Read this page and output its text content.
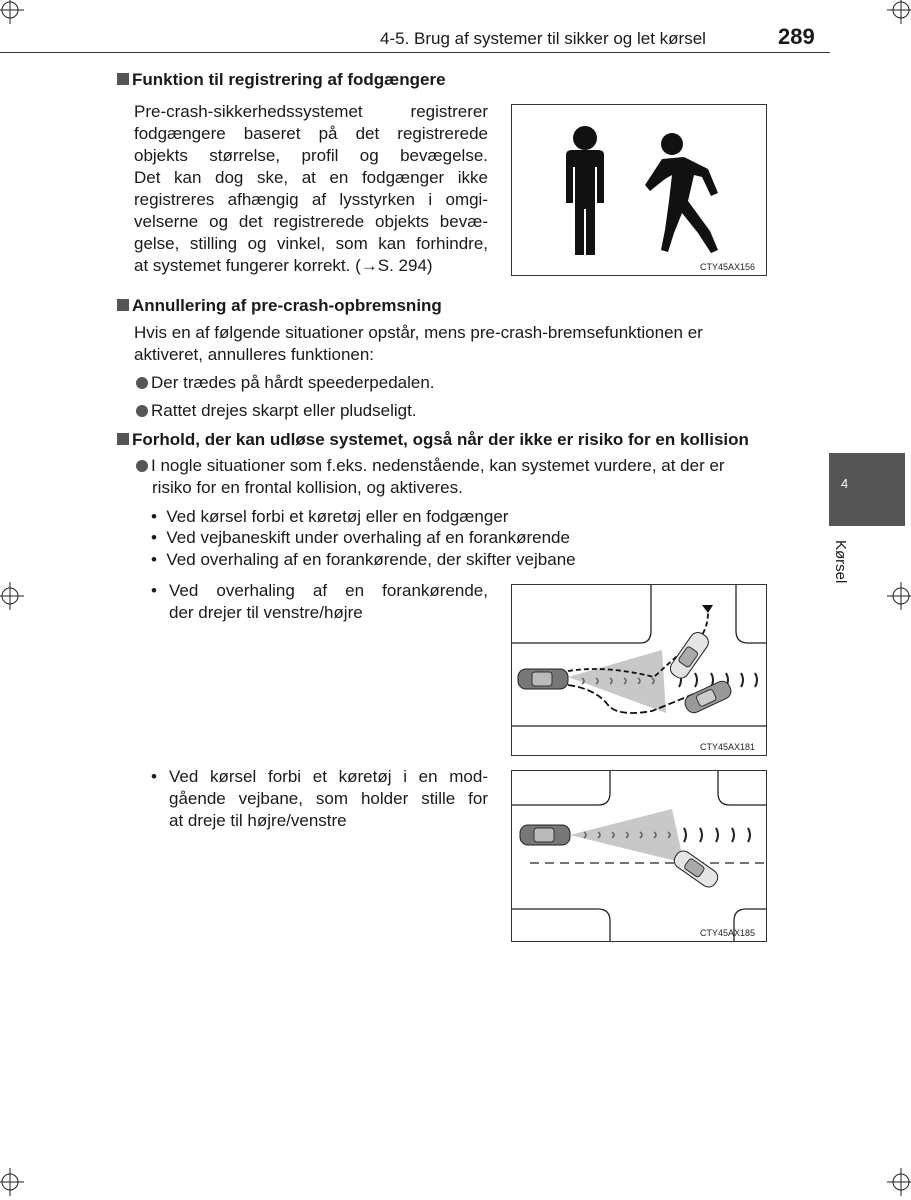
4-5. Brug af systemer til sikker og let kørsel	289
Funktion til registrering af fodgængere
Pre-crash-sikkerhedssystemet registrerer
fodgængere baseret på det registrerede
objekts størrelse, profil og bevægelse.
Det kan dog ske, at en fodgænger ikke
registreres afhængig af lysstyrken i omgi-
velserne og det registrerede objekts bevæ-
gelse, stilling og vinkel, som kan forhindre,
at systemet fungerer korrekt. (→S. 294)	CTY45AX156
Annullering af pre-crash-opbremsning
Hvis en af følgende situationer opstår, mens pre-crash-bremsefunktionen er
aktiveret, annulleres funktionen:
Der trædes på hårdt speederpedalen.
Rattet drejes skarpt eller pludseligt.
Forhold, der kan udløse systemet, også når der ikke er risiko for en kollision
I nogle situationer som f.eks. nedenstående, kan systemet vurdere, at der er
risiko for en frontal kollision, og aktiveres.
•  Ved kørsel forbi et køretøj eller en fodgænger
•  Ved vejbaneskift under overhaling af en forankørende
•  Ved overhaling af en forankørende, der skifter vejbane
• Ved overhaling af en forankørende,
der drejer til venstre/højre
CTY45AX181
• Ved kørsel forbi et køretøj i en mod-
gående vejbane, som holder stille for
at dreje til højre/venstre
CTY45AX185
4
Kørsel
